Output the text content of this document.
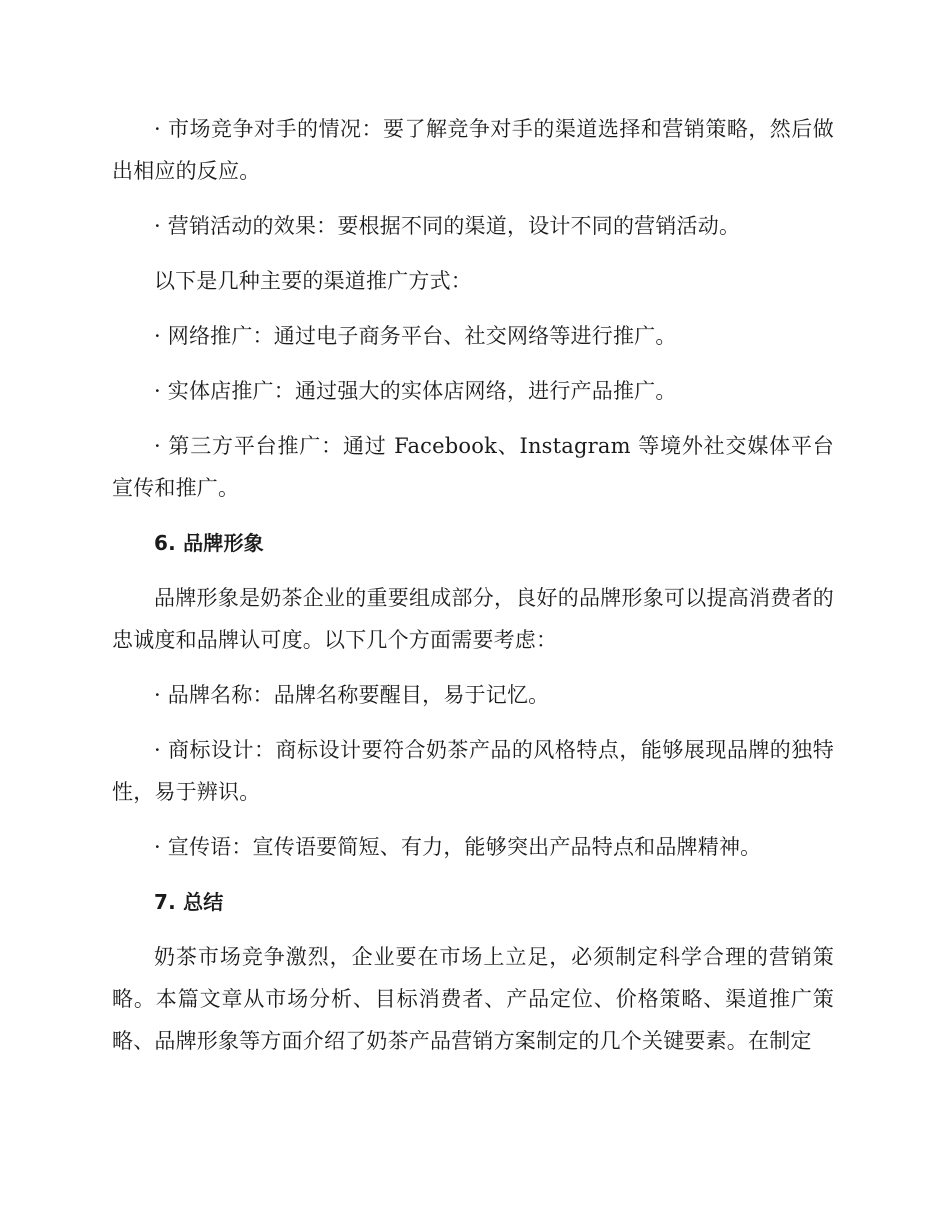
· 市场竞争对手的情况：要了解竞争对手的渠道选择和营销策略，然后做出相应的反应。

· 营销活动的效果：要根据不同的渠道，设计不同的营销活动。

以下是几种主要的渠道推广方式：

· 网络推广：通过电子商务平台、社交网络等进行推广。

· 实体店推广：通过强大的实体店网络，进行产品推广。

· 第三方平台推广：通过 Facebook、Instagram 等境外社交媒体平台宣传和推广。

6. 品牌形象

品牌形象是奶茶企业的重要组成部分，良好的品牌形象可以提高消费者的忠诚度和品牌认可度。以下几个方面需要考虑：

· 品牌名称：品牌名称要醒目，易于记忆。

· 商标设计：商标设计要符合奶茶产品的风格特点，能够展现品牌的独特性，易于辨识。

· 宣传语：宣传语要简短、有力，能够突出产品特点和品牌精神。

7. 总结

奶茶市场竞争激烈，企业要在市场上立足，必须制定科学合理的营销策略。本篇文章从市场分析、目标消费者、产品定位、价格策略、渠道推广策略、品牌形象等方面介绍了奶茶产品营销方案制定的几个关键要素。在制定
